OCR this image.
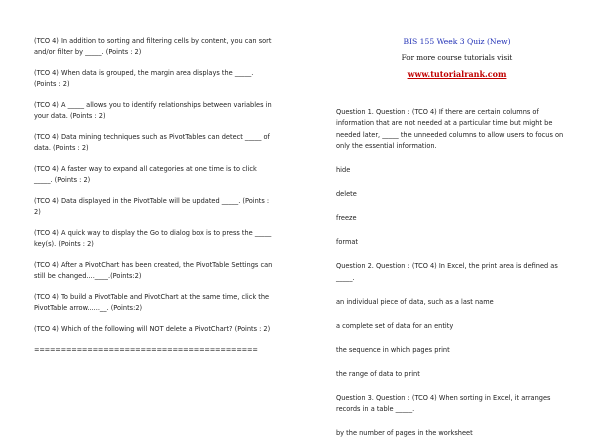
(TCO 4) In addition to sorting and filtering cells by content, you can sort and/or filter by _____. (Points : 2)

(TCO 4) When data is grouped, the margin area displays the _____. (Points : 2)

(TCO 4) A _____ allows you to identify relationships between variables in your data. (Points : 2)

(TCO 4) Data mining techniques such as PivotTables can detect _____ of data. (Points : 2)

(TCO 4) A faster way to expand all categories at one time is to click _____. (Points : 2)

(TCO 4) Data displayed in the PivotTable will be updated _____. (Points : 2)

(TCO 4) A quick way to display the Go to dialog box is to press the _____ key(s). (Points : 2)

(TCO 4) After a PivotChart has been created, the PivotTable Settings can still be changed....____.(Points:2)

(TCO 4) To build a PivotTable and PivotChart at the same time, click the PivotTable arrow......__. (Points:2)

(TCO 4) Which of the following will NOT delete a PivotChart? (Points : 2)

==========================================
BIS 155 Week 3 Quiz (New)
For more course tutorials visit
www.tutorialrank.com

Question 1. Question : (TCO 4) If there are certain columns of information that are not needed at a particular time but might be needed later, _____ the unneeded columns to allow users to focus on only the essential information.

hide

delete

freeze

format

Question 2. Question : (TCO 4) In Excel, the print area is defined as _____.

an individual piece of data, such as a last name

a complete set of data for an entity

the sequence in which pages print

the range of data to print

Question 3. Question : (TCO 4) When sorting in Excel, it arranges records in a table _____.

by the number of pages in the worksheet
